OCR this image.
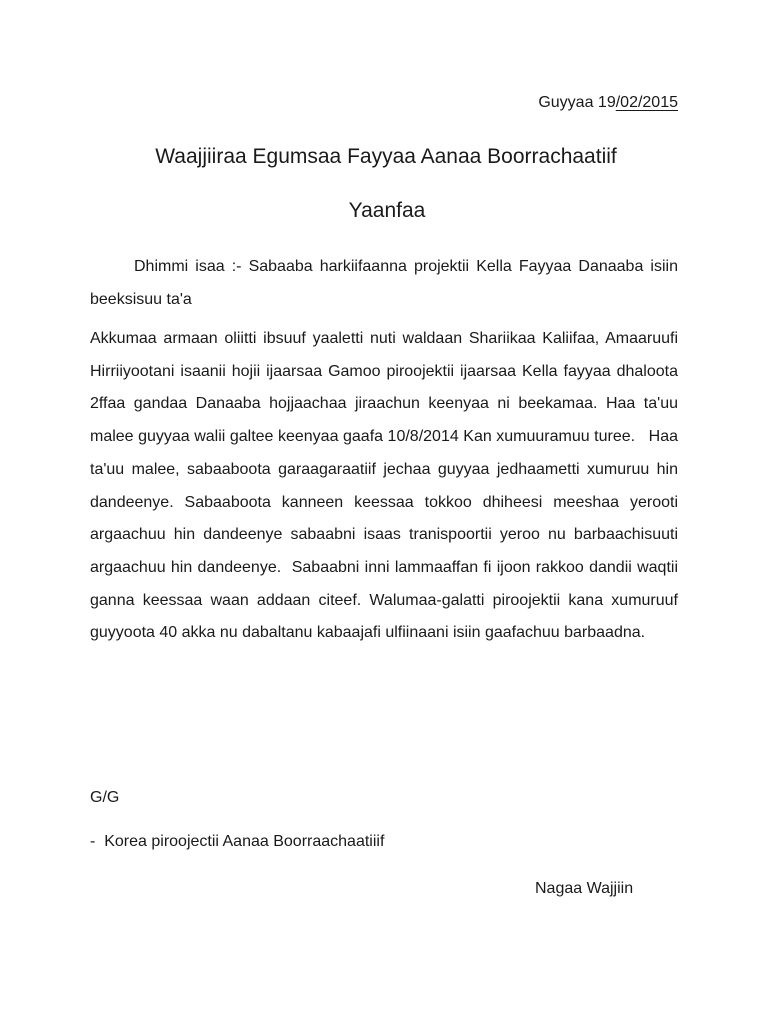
Guyyaa 19/02/2015
Waajjiiraa Egumsaa Fayyaa Aanaa Boorrachaatiif
Yaanfaa
Dhimmi isaa :- Sabaaba harkiifaanna projektii Kella Fayyaa Danaaba isiin beeksisuu ta'a
Akkumaa armaan oliitti ibsuuf yaaletti nuti waldaan Shariikaa Kaliifaa, Amaaruufi Hirriiyootani isaanii hojii ijaarsaa Gamoo piroojektii ijaarsaa Kella fayyaa dhaloota 2ffaa gandaa Danaaba hojjaachaa jiraachun keenyaa ni beekamaa. Haa ta'uu malee guyyaa walii galtee keenyaa gaafa 10/8/2014 Kan xumuuramuu turee.   Haa ta'uu malee, sabaaboota garaagaraatiif jechaa guyyaa jedhaametti xumuruu hin dandeenye. Sabaaboota kanneen keessaa tokkoo dhiheesi meeshaa yerooti argaachuu hin dandeenye sabaabni isaas tranispoortii yeroo nu barbaachisuuti  argaachuu hin dandeenye.  Sabaabni inni lammaaffan fi ijoon rakkoo dandii waqtii ganna keessaa waan addaan citeef. Walumaa-galatti piroojektii kana xumuruuf guyyoota 40 akka nu dabaltanu kabaajafi ulfiinaani isiin gaafachuu barbaadna.
G/G
-  Korea piroojectii Aanaa Boorraachaatiiif
Nagaa Wajjiin
